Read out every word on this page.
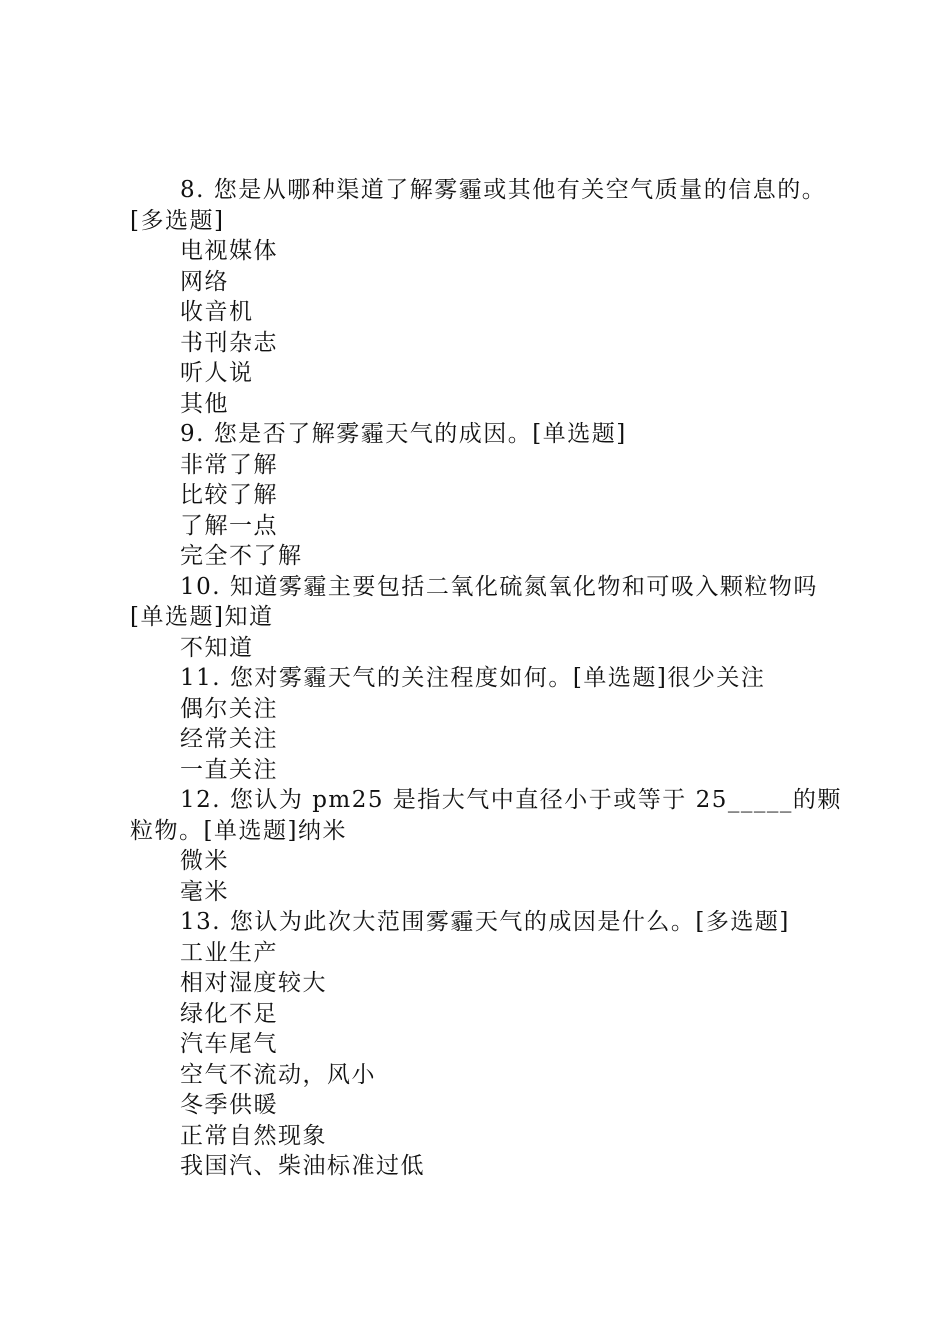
8. 您是从哪种渠道了解雾霾或其他有关空气质量的信息的。[多选题]

电视媒体

网络

收音机

书刊杂志

听人说

其他

9. 您是否了解雾霾天气的成因。[单选题]

非常了解

比较了解

了解一点

完全不了解

10. 知道雾霾主要包括二氧化硫氮氧化物和可吸入颗粒物吗 [单选题]知道

不知道

11. 您对雾霾天气的关注程度如何。[单选题]很少关注

偶尔关注

经常关注

一直关注

12. 您认为 pm25 是指大气中直径小于或等于 25_____的颗粒物。[单选题]纳米

微米

毫米

13. 您认为此次大范围雾霾天气的成因是什么。[多选题]

工业生产

相对湿度较大

绿化不足

汽车尾气

空气不流动，风小

冬季供暖

正常自然现象

我国汽、柴油标准过低
